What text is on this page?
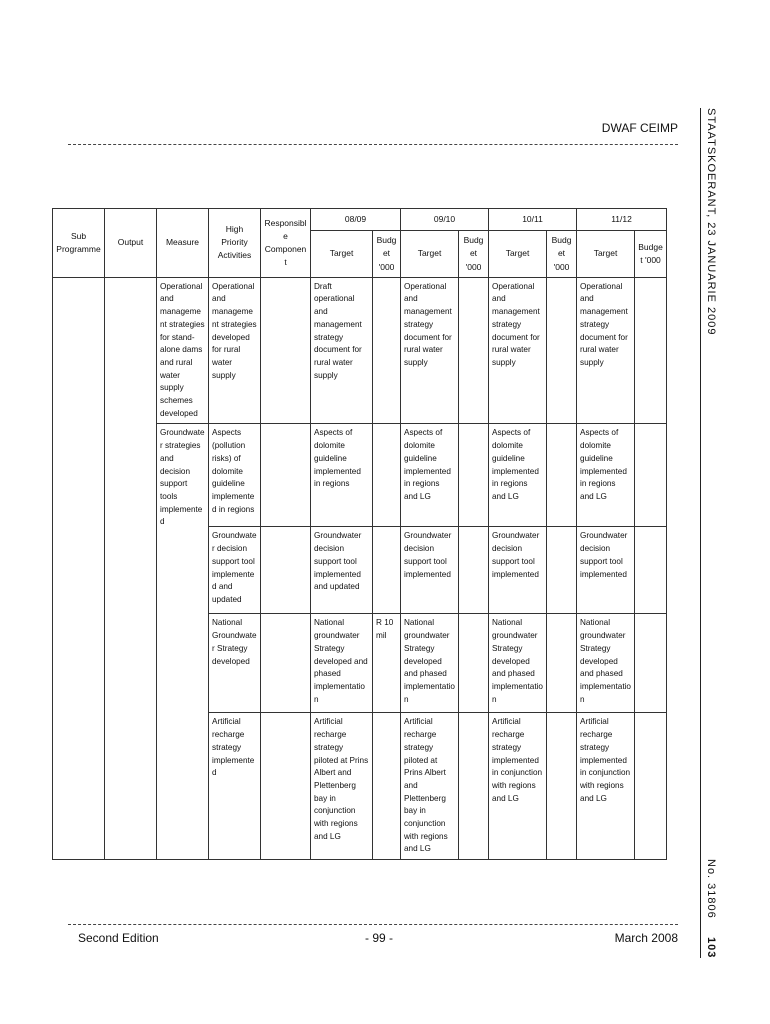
DWAF CEIMP STAATSKOERANT, 23 JANUARIE 2009
No. 31806
103
Sub Programme	Output	Measure	High Priority Activities	Responsible Component	08/09		09/10		10/11		11/12	
					Target	Budget '000	Target	Budget '000	Target	Budget '000	Target	Budget '000
		Operational and management strategies for stand-alone dams and rural water supply schemes developed	Operational and management strategies developed for rural water supply		Draft operational and management strategy document for rural water supply		Operational and management strategy document for rural water supply		Operational and management strategy document for rural water supply		Operational and management strategy document for rural water supply	
		Groundwater strategies and decision support tools implemented	Aspects (pollution risks) of dolomite guideline implemented in regions		Aspects of dolomite guideline implemented in regions		Aspects of dolomite guideline implemented in regions and LG		Aspects of dolomite guideline implemented in regions and LG		Aspects of dolomite guideline implemented in regions and LG	
			Groundwater decision support tool implemented and updated		Groundwater decision support tool implemented and updated		Groundwater decision support tool implemented		Groundwater decision support tool implemented		Groundwater decision support tool implemented	
			National Groundwater Strategy developed		National groundwater Strategy developed and phased implementation	R 10 mil	National groundwater Strategy developed and phased implementation		National groundwater Strategy developed and phased implementation		National groundwater Strategy developed and phased implementation	
			Artificial recharge strategy implemented		Artificial recharge strategy piloted at Prins Albert and Plettenberg bay in conjunction with regions and LG		Artificial recharge strategy piloted at Prins Albert and Plettenberg bay in conjunction with regions and LG		Artificial recharge strategy implemented in conjunction with regions and LG		Artificial recharge strategy implemented in conjunction with regions and LG	
Second Edition	- 99 -	March 2008
